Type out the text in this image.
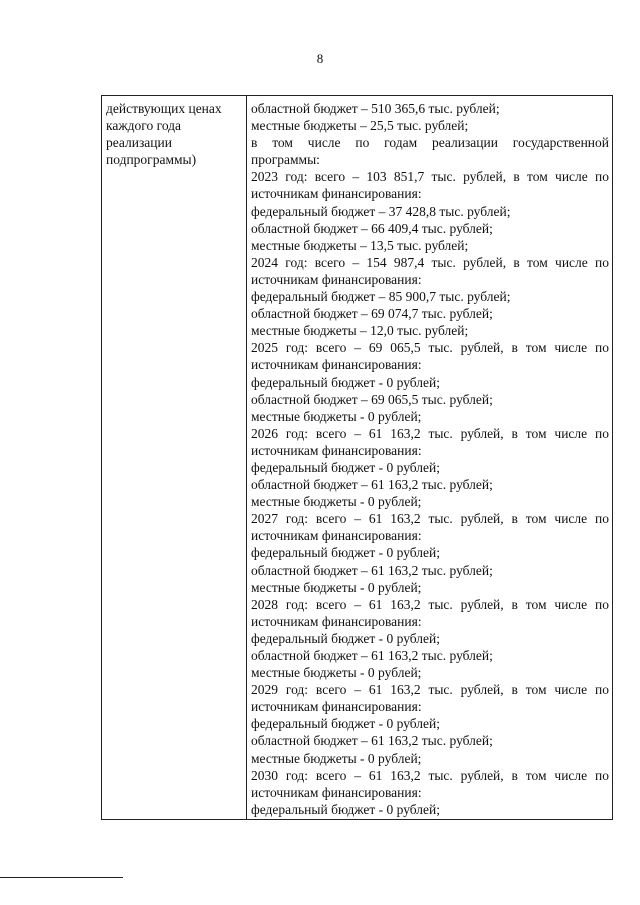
8
действующих ценах
каждого года
реализации
подпрограммы)
областной бюджет – 510 365,6 тыс. рублей;
местные бюджеты – 25,5 тыс. рублей;
в том числе по годам реализации государственной
программы:
2023 год: всего – 103 851,7 тыс. рублей, в том числе по
источникам финансирования:
федеральный бюджет – 37 428,8 тыс. рублей;
областной бюджет – 66 409,4 тыс. рублей;
местные бюджеты – 13,5 тыс. рублей;
2024 год: всего – 154 987,4 тыс. рублей, в том числе по
источникам финансирования:
федеральный бюджет – 85 900,7 тыс. рублей;
областной бюджет – 69 074,7 тыс. рублей;
местные бюджеты – 12,0 тыс. рублей;
2025 год: всего – 69 065,5 тыс. рублей, в том числе по
источникам финансирования:
федеральный бюджет - 0 рублей;
областной бюджет – 69 065,5 тыс. рублей;
местные бюджеты - 0 рублей;
2026 год: всего – 61 163,2 тыс. рублей, в том числе по
источникам финансирования:
федеральный бюджет - 0 рублей;
областной бюджет – 61 163,2 тыс. рублей;
местные бюджеты - 0 рублей;
2027 год: всего – 61 163,2 тыс. рублей, в том числе по
источникам финансирования:
федеральный бюджет - 0 рублей;
областной бюджет – 61 163,2 тыс. рублей;
местные бюджеты - 0 рублей;
2028 год: всего – 61 163,2 тыс. рублей, в том числе по
источникам финансирования:
федеральный бюджет - 0 рублей;
областной бюджет – 61 163,2 тыс. рублей;
местные бюджеты - 0 рублей;
2029 год: всего – 61 163,2 тыс. рублей, в том числе по
источникам финансирования:
федеральный бюджет - 0 рублей;
областной бюджет – 61 163,2 тыс. рублей;
местные бюджеты - 0 рублей;
2030 год: всего – 61 163,2 тыс. рублей, в том числе по
источникам финансирования:
федеральный бюджет - 0 рублей;
